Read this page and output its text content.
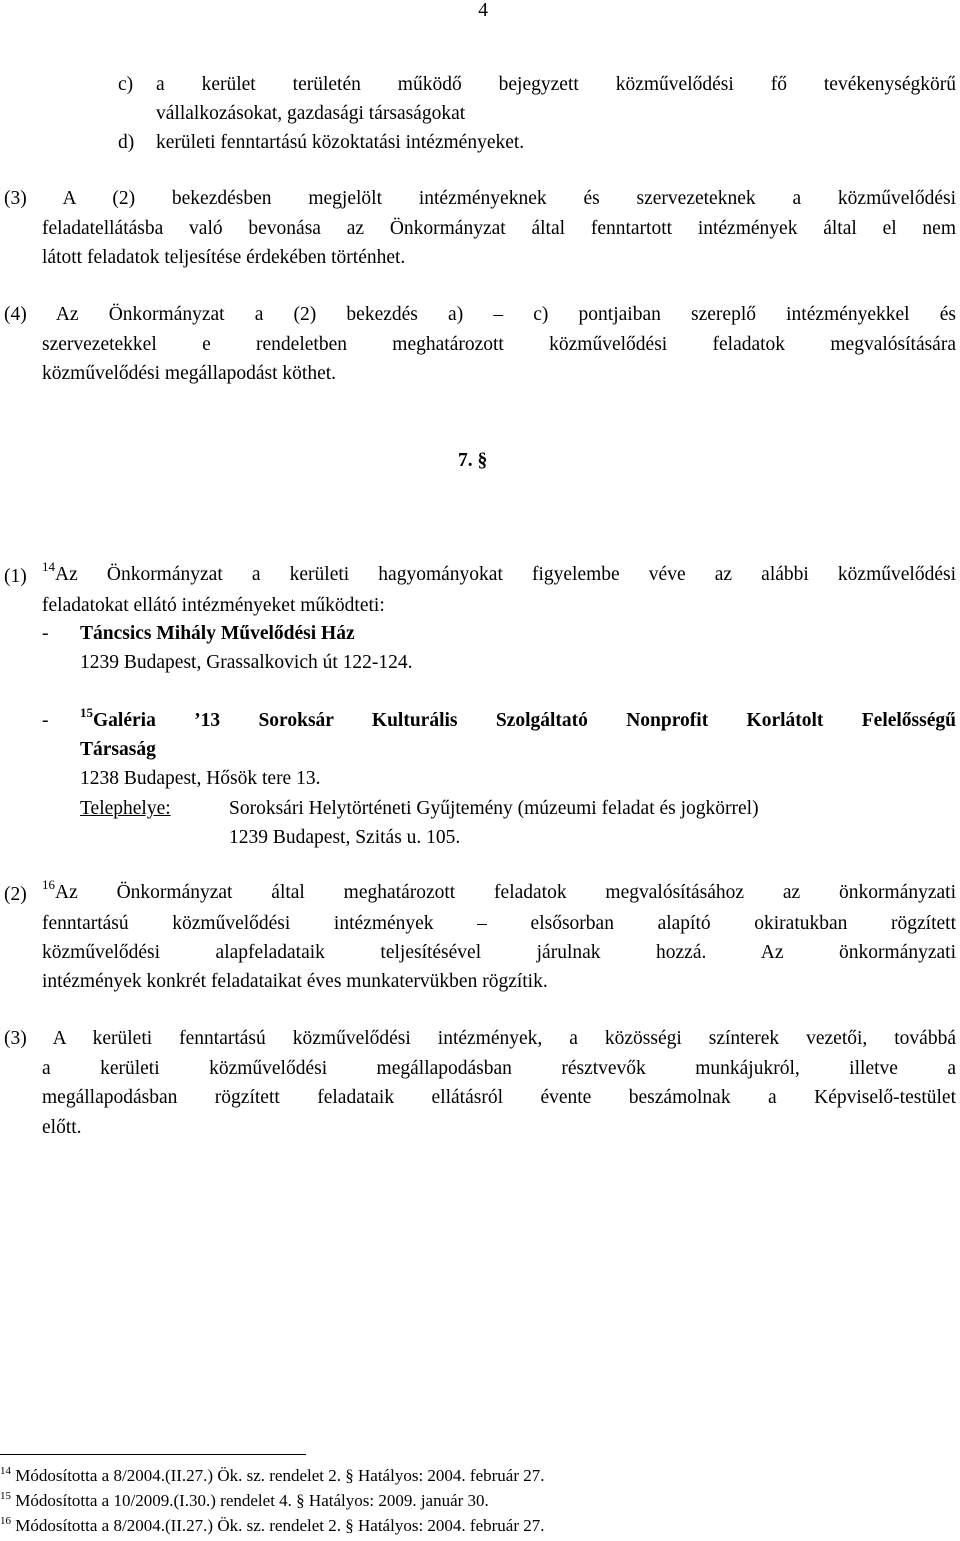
4
c) a kerület területén működő bejegyzett közművelődési fő tevékenységkörű
vállalkozásokat, gazdasági társaságokat
d) kerületi fenntartású közoktatási intézményeket.
(3) A (2) bekezdésben megjelölt intézményeknek és szervezeteknek a közművelődési
feladatellátásba való bevonása az Önkormányzat által fenntartott intézmények által el nem
látott feladatok teljesítése érdekében történhet.
(4) Az Önkormányzat a (2) bekezdés a) – c) pontjaiban szereplő intézményekkel és
szervezetekkel e rendeletben meghatározott közművelődési feladatok megvalósítására
közművelődési megállapodást köthet.
7. §
(1) $^{14}$Az Önkormányzat a kerületi hagyományokat figyelembe véve az alábbi közművelődési
feladatokat ellátó intézményeket működteti:
- Táncsics Mihály Művelődési Ház
1239 Budapest, Grassalkovich út 122-124.
- $^{15}$Galéria ’13 Soroksár Kulturális Szolgáltató Nonprofit Korlátolt Felelősségű
Társaság
1238 Budapest, Hősök tere 13.
Telephelye:	Soroksári Helytörténeti Gyűjtemény (múzeumi feladat és jogkörrel)
1239 Budapest, Szitás u. 105.
(2) $^{16}$Az Önkormányzat által meghatározott feladatok megvalósításához az önkormányzati
fenntartású közművelődési intézmények – elsősorban alapító okiratukban rögzített
közművelődési alapfeladataik teljesítésével járulnak hozzá. Az önkormányzati
intézmények konkrét feladataikat éves munkatervükben rögzítik.
(3) A kerületi fenntartású közművelődési intézmények, a közösségi színterek vezetői, továbbá
a kerületi közművelődési megállapodásban résztvevők munkájukról, illetve a
megállapodásban rögzített feladataik ellátásról évente beszámolnak a Képviselő-testület
előtt.
$^{14}$ Módosította a 8/2004.(II.27.) Ök. sz. rendelet 2. § Hatályos: 2004. február 27.
$^{15}$ Módosította a 10/2009.(I.30.) rendelet 4. § Hatályos: 2009. január 30.
$^{16}$ Módosította a 8/2004.(II.27.) Ök. sz. rendelet 2. § Hatályos: 2004. február 27.
